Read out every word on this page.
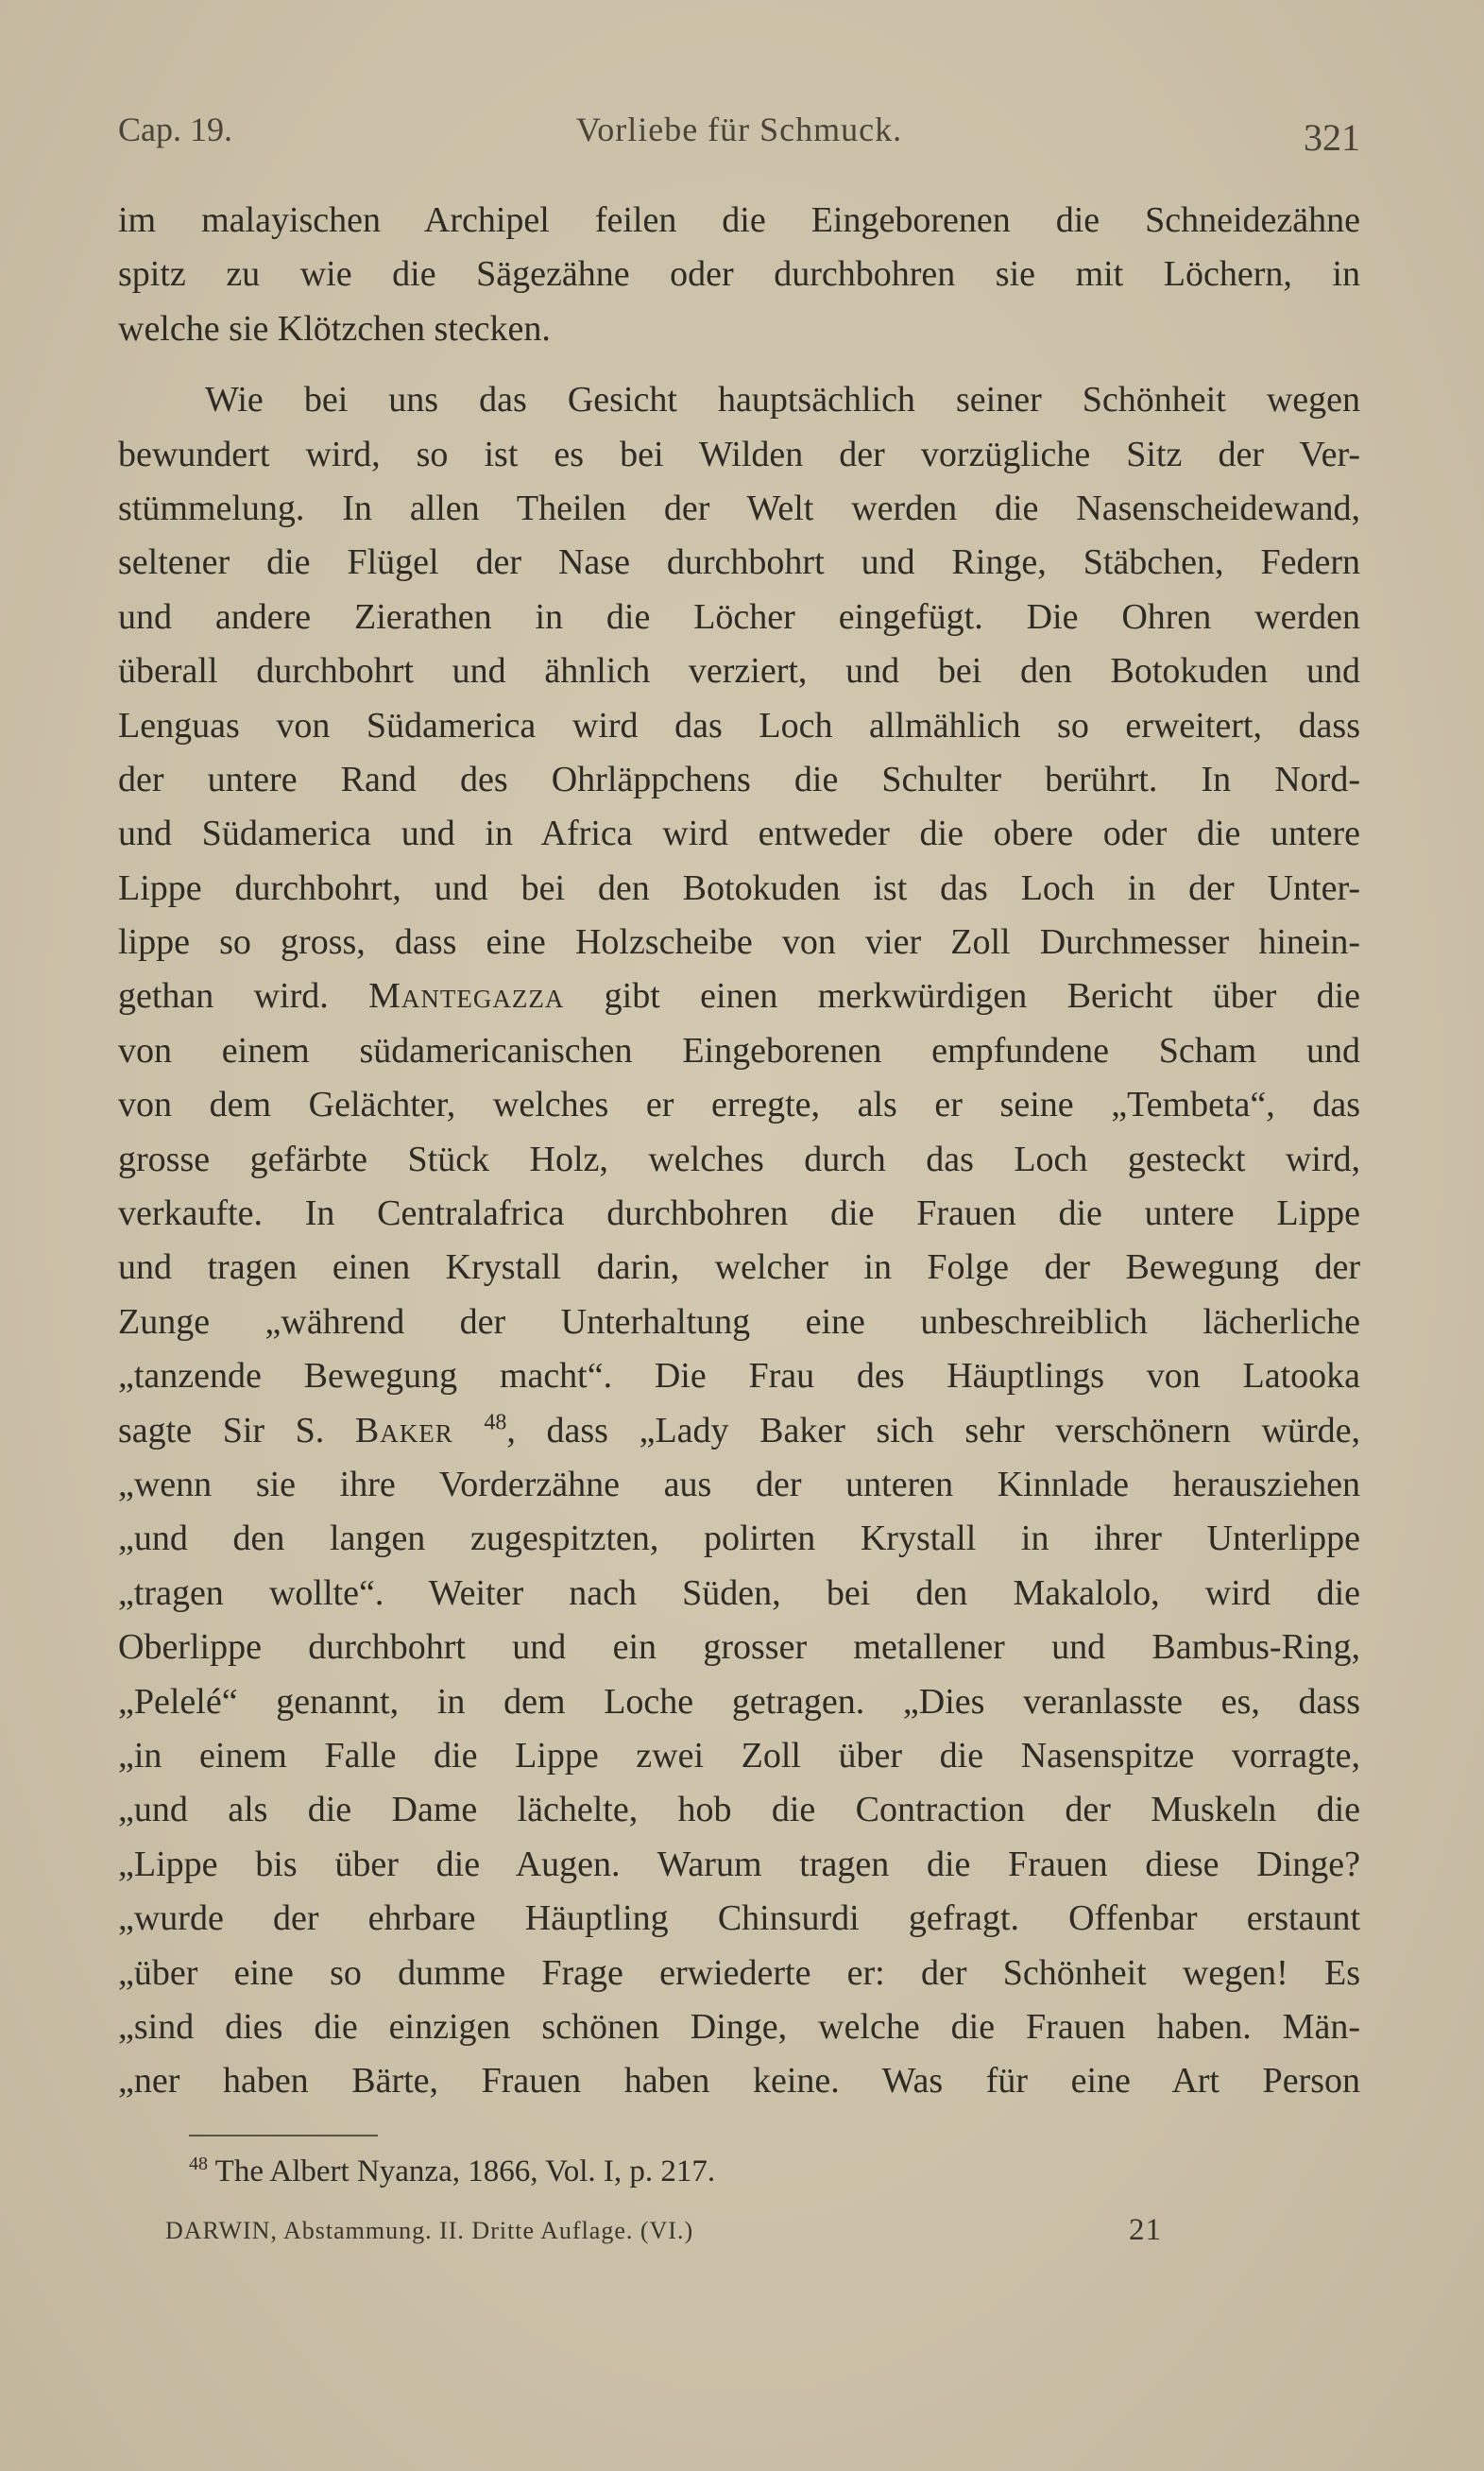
Cap. 19.	Vorliebe für Schmuck.	321
im malayischen Archipel feilen die Eingeborenen die Schneidezähne
spitz zu wie die Sägezähne oder durchbohren sie mit Löchern, in
welche sie Klötzchen stecken.
Wie bei uns das Gesicht hauptsächlich seiner Schönheit wegen
bewundert wird, so ist es bei Wilden der vorzügliche Sitz der Ver-
stümmelung. In allen Theilen der Welt werden die Nasenscheidewand,
seltener die Flügel der Nase durchbohrt und Ringe, Stäbchen, Federn
und andere Zierathen in die Löcher eingefügt. Die Ohren werden
überall durchbohrt und ähnlich verziert, und bei den Botokuden und
Lenguas von Südamerica wird das Loch allmählich so erweitert, dass
der untere Rand des Ohrläppchens die Schulter berührt. In Nord-
und Südamerica und in Africa wird entweder die obere oder die untere
Lippe durchbohrt, und bei den Botokuden ist das Loch in der Unter-
lippe so gross, dass eine Holzscheibe von vier Zoll Durchmesser hinein-
gethan wird. Mantegazza gibt einen merkwürdigen Bericht über die
von einem südamericanischen Eingeborenen empfundene Scham und
von dem Gelächter, welches er erregte, als er seine „Tembeta“, das
grosse gefärbte Stück Holz, welches durch das Loch gesteckt wird,
verkaufte. In Centralafrica durchbohren die Frauen die untere Lippe
und tragen einen Krystall darin, welcher in Folge der Bewegung der
Zunge „während der Unterhaltung eine unbeschreiblich lächerliche
„tanzende Bewegung macht“. Die Frau des Häuptlings von Latooka
sagte Sir S. Baker $^{48}$, dass „Lady Baker sich sehr verschönern würde,
„wenn sie ihre Vorderzähne aus der unteren Kinnlade herausziehen
„und den langen zugespitzten, polirten Krystall in ihrer Unterlippe
„tragen wollte“. Weiter nach Süden, bei den Makalolo, wird die
Oberlippe durchbohrt und ein grosser metallener und Bambus-Ring,
„Pelelé“ genannt, in dem Loche getragen. „Dies veranlasste es, dass
„in einem Falle die Lippe zwei Zoll über die Nasenspitze vorragte,
„und als die Dame lächelte, hob die Contraction der Muskeln die
„Lippe bis über die Augen. Warum tragen die Frauen diese Dinge?
„wurde der ehrbare Häuptling Chinsurdi gefragt. Offenbar erstaunt
„über eine so dumme Frage erwiederte er: der Schönheit wegen! Es
„sind dies die einzigen schönen Dinge, welche die Frauen haben. Män-
„ner haben Bärte, Frauen haben keine. Was für eine Art Person
$^{48}$ The Albert Nyanza, 1866, Vol. I, p. 217.
DARWIN, Abstammung. II. Dritte Auflage. (VI.)	21
